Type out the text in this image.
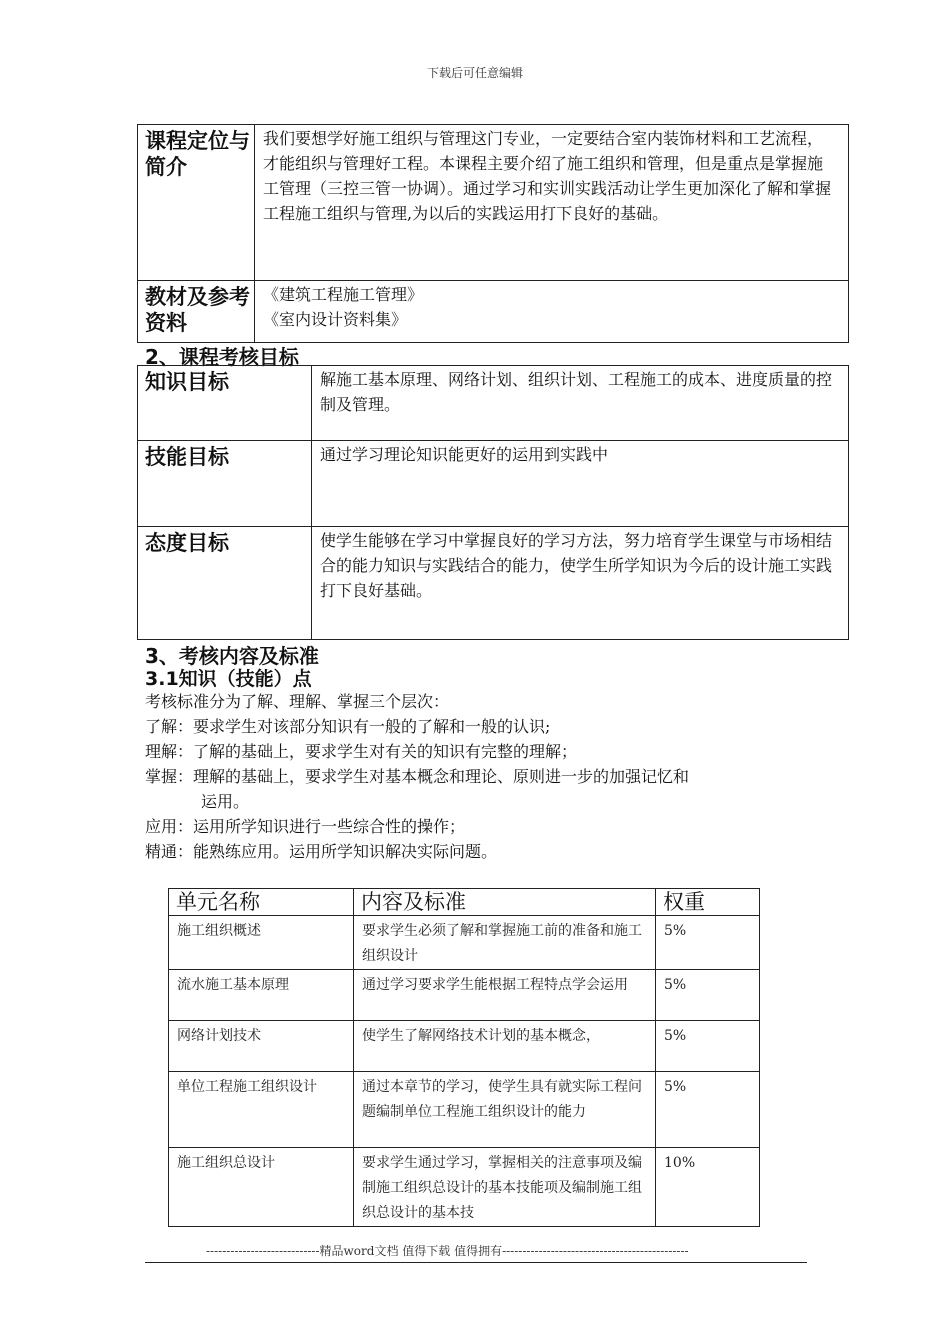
下载后可任意编辑
课程定位与简介	我们要想学好施工组织与管理这门专业，一定要结合室内装饰材料和工艺流程，才能组织与管理好工程。本课程主要介绍了施工组织和管理，但是重点是掌握施工管理（三控三管一协调）。通过学习和实训实践活动让学生更加深化了解和掌握工程施工组织与管理,为以后的实践运用打下良好的基础。
教材及参考资料	《建筑工程施工管理》
《室内设计资料集》
2、课程考核目标
知识目标	解施工基本原理、网络计划、组织计划、工程施工的成本、进度质量的控制及管理。
技能目标	通过学习理论知识能更好的运用到实践中
态度目标	使学生能够在学习中掌握良好的学习方法，努力培育学生课堂与市场相结合的能力知识与实践结合的能力，使学生所学知识为今后的设计施工实践打下良好基础。
3、考核内容及标准
3.1知识（技能）点
考核标准分为了解、理解、掌握三个层次：
了解：要求学生对该部分知识有一般的了解和一般的认识;
理解：了解的基础上，要求学生对有关的知识有完整的理解；
掌握：理解的基础上，要求学生对基本概念和理论、原则进一步的加强记忆和
运用。
应用：运用所学知识进行一些综合性的操作；
精通：能熟练应用。运用所学知识解决实际问题。
单元名称	内容及标准	权重
施工组织概述	要求学生必须了解和掌握施工前的准备和施工组织设计	5%
流水施工基本原理	通过学习要求学生能根据工程特点学会运用	5%
网络计划技术	使学生了解网络技术计划的基本概念，	5%
单位工程施工组织设计	通过本章节的学习，使学生具有就实际工程问题编制单位工程施工组织设计的能力	5%
施工组织总设计	要求学生通过学习，掌握相关的注意事项及编制施工组织总设计的基本技能项及编制施工组织总设计的基本技	10%
----------------------------精品word文档 值得下载 值得拥有----------------------------------------------
